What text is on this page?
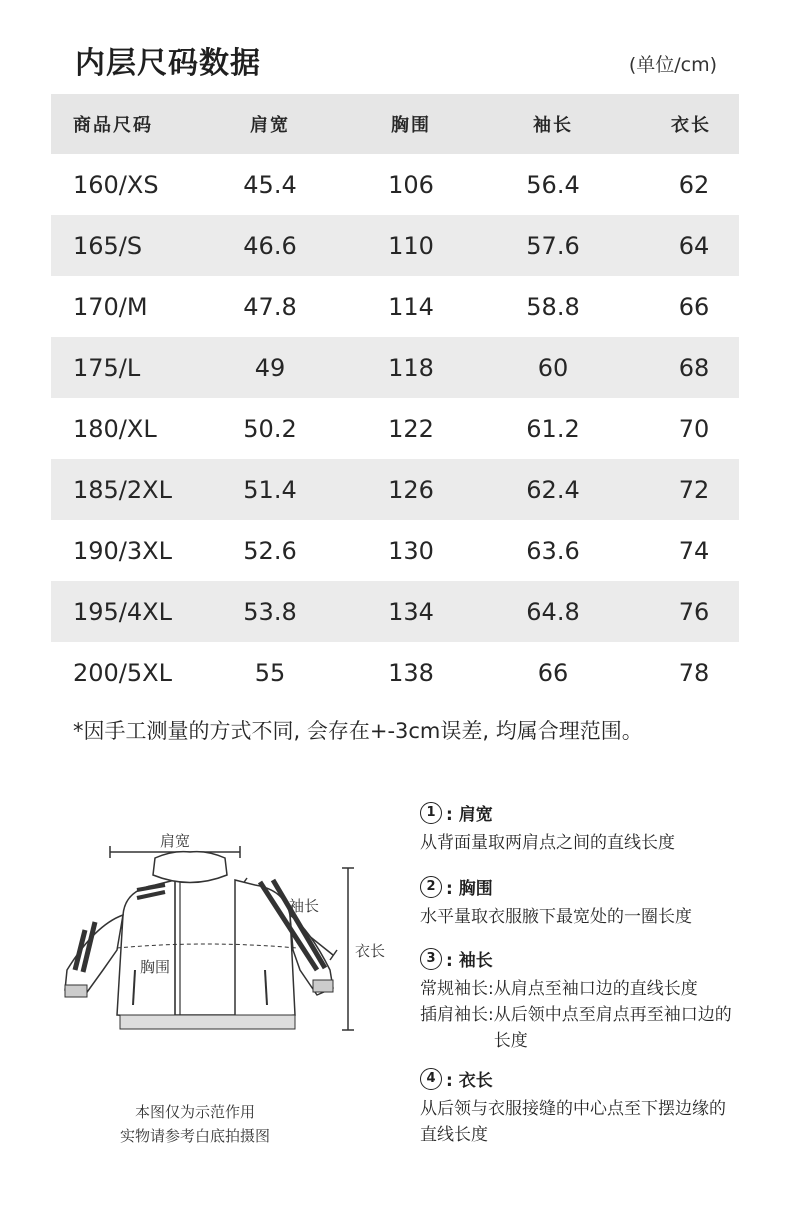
内层尺码数据	(单位/cm)
商品尺码	肩宽	胸围	袖长	衣长
160/XS	45.4	106	56.4	62
165/S	46.6	110	57.6	64
170/M	47.8	114	58.8	66
175/L	49	118	60	68
180/XL	50.2	122	61.2	70
185/2XL	51.4	126	62.4	72
190/3XL	52.6	130	63.6	74
195/4XL	53.8	134	64.8	76
200/5XL	55	138	66	78
*因手工测量的方式不同, 会存在+-3cm误差, 均属合理范围。
肩宽
袖长
胸围
衣长
本图仅为示范作用
实物请参考白底拍摄图
1 : 肩宽
从背面量取两肩点之间的直线长度
2 : 胸围
水平量取衣服腋下最宽处的一圈长度
3 : 袖长
常规袖长: 从肩点至袖口边的直线长度
插肩袖长: 从后领中点至肩点再至袖口边的长度
4 : 衣长
从后领与衣服接缝的中心点至下摆边缘的直线长度
